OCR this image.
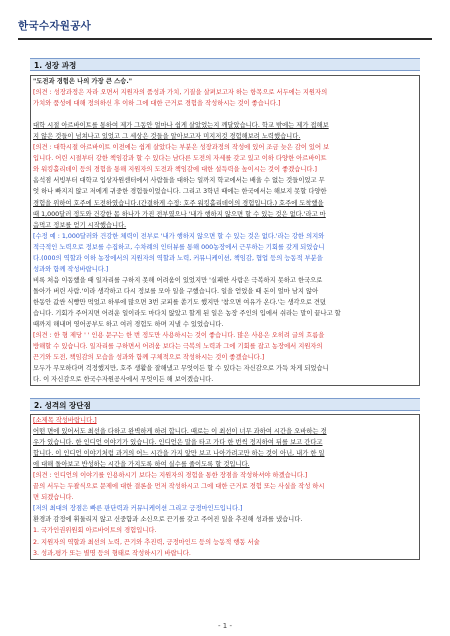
한국수자원공사
1. 성장 과정
"도전과 경험은 나의 가장 큰 스승."
[의견 : 성장과정은 자라 오면서 지원자의 품성과 가치, 기질을 살펴보고자 하는 항목으로 서두에는 지원자의
가치와 품성에 대해 정의하신 후 이하 그에 대한 근거로 경험을 작성하시는 것이 좋습니다.]

대학 시절 아르바이트를 통하여 제가 그동안 얼마나 쉽게 살았었는지 깨달았습니다. 학교 밖에는 제가 접해보
지 않은 것들이 넘쳐나고 있었고 그 세상은 것들을 알아보고자 미지저것 경험해보려 노력했습니다.
[의견 : 대학시절 아르바이트 이전에는 쉽게 살았다는 부분은 성장과정의 작성에 있어 조금 늦은 감이 있어 보
입니다. 어린 시절부터 강한 책임감과 할 수 있다는 남다른 도전의 자세를 갖고 있고 이하 다양한 아르바이트
와 워킹홀리데이 등의 경험을 통해 지원자의 도전과 책임감에 대한 설득력을 높이시는 것이 좋겠습니다.]
옴석점 서빙부터 대학교 입상자원센터에서 사람들을 대하는 일까지 학교에서는 배울 수 없는 것들이었고 무
엇 하나 빠지지 않고 저에게 귀중한 경험들이었습니다. 그리고 3학년 때에는 한국에서는 해보지 못할 다양한
경험을 위하여 호주에 도전하였습니다.(간결하게 수정: 호주 워킹홀리데이의 경험입니다.) 호주에 도착했을
때 1,000달러 정도와 건강한 몸 하나가 가진 전부였으나 '내가 행하지 않으면 할 수 있는 것은 없다.'라고 마
음먹고 정보를 얻기 시작했습니다.
[수정 예 : 1,000달러와 건강한 체력이 전부로 '내가 행하지 않으면 할 수 있는 것은 없다.'라는 강한 의지와
적극적인 노력으로 정보를 수집하고, 수차례의 인터뷰를 통해 000농장에서 근무하는 기회를 갖게 되었습니
다.(000의 역할과 이하 농장에서의 지원자의 역할과 노력, 커뮤니케이션, 책임감, 협업 등의 능동적 부분을
성과와 함께 작성바랍니다.]
비록 처음 이동했을 때 일자리를 구하지 못해 어려움이 있었지만 '실패한 사람은 극복하지 못하고 한국으로
돌아가 버린 사람.'이라 생각하고 다시 정보를 모아 일을 구했습니다. 일을 얻었을 때 돈이 얼마 남지 않아
한동안 값싼 식빵만 먹었고 하루에 많으면 3번 코피를 쏟기도 했지만 '참으면 여유가 온다.'는 생각으로 견뎠
습니다. 기회가 주어지면 어려운 일이라도 마다치 않았고 할게 된 일은 농장 주인의 입에서 쉬라는 말이 끝나고 할
때까지 해내며 영어공부도 하고 여러 경험도 하며 지낼 수 있었습니다.
[의견 : 한 형 제당 ' ' 인용 문구는 한 번 정도만 사용하시는 것이 좋습니다. 많은 사용은 오히려 글의 흐름을
방해할 수 있습니다. 일자리를 구하면서 어려움 보다는 극복의 노력과 그에 기회를 잡고 농장에서 지원자의
끈기와 도전, 책임감의 모습을 성과와 함께 구체적으로 작성하시는 것이 좋겠습니다.]
모두가 무모하다며 걱정했지만, 호주 생활을 잘해냈고 무엇이든 할 수 있다는 자신감으로 가득 차게 되었습니
다. 이 자신감으로 한국수자원공사에서 무엇이든 해 보이겠습니다.
2. 성격의 장단점
[소제목 작성바랍니다.]
어떤 면에 있어서도 최선을 다하고 완벽하게 하려 합니다. 때로는 이 최선이 너무 과하여 시간을 오바하는 경
우가 있습니다. 한 인디언 이야기가 있습니다. 인디언은 말을 타고 가다 한 번씩 정지하여 뒤를 보고 간다고
합니다. 이 인디언 이야기처럼 과거의 어느 시간을 가지 앞만 보고 나아가려고만 하는 것이 아닌, 내가 한 일
에 대해 돌아보고 반성하는 시간을 가지도록 하여 실수를 줄이도록 할 것입니다.
[의견 : 인디언의 이야기를 인용하시기 보다는 지원자의 경험을 통한 장점을 작성하셔야 하겠습니다.]
끝의 서두는 두괄식으로 문제에 대한 결론을 먼저 작성하시고 그에 대한 근거로 경험 또는 사실을 작성 하시
면 되겠습니다.
[저의 최대의 장점은 빠른 판단력과 커뮤니케이션 그리고 긍정마인드입니다.]
환경과 감정에 휘둘리지 않고 신중함과 소신으로 끈기를 갖고 주어진 일을 추진해 성과를 냈습니다.
1. 국가인권위원회 아르바이트의 경험입니다.
2. 지원자의 역할과 최선의 노력, 끈기와 추진력, 긍정마인드 등의 능동적 행동 서술
3. 성과,평가 또는 별명 등의 형태로 작성하시기 바랍니다.
- 1 -
